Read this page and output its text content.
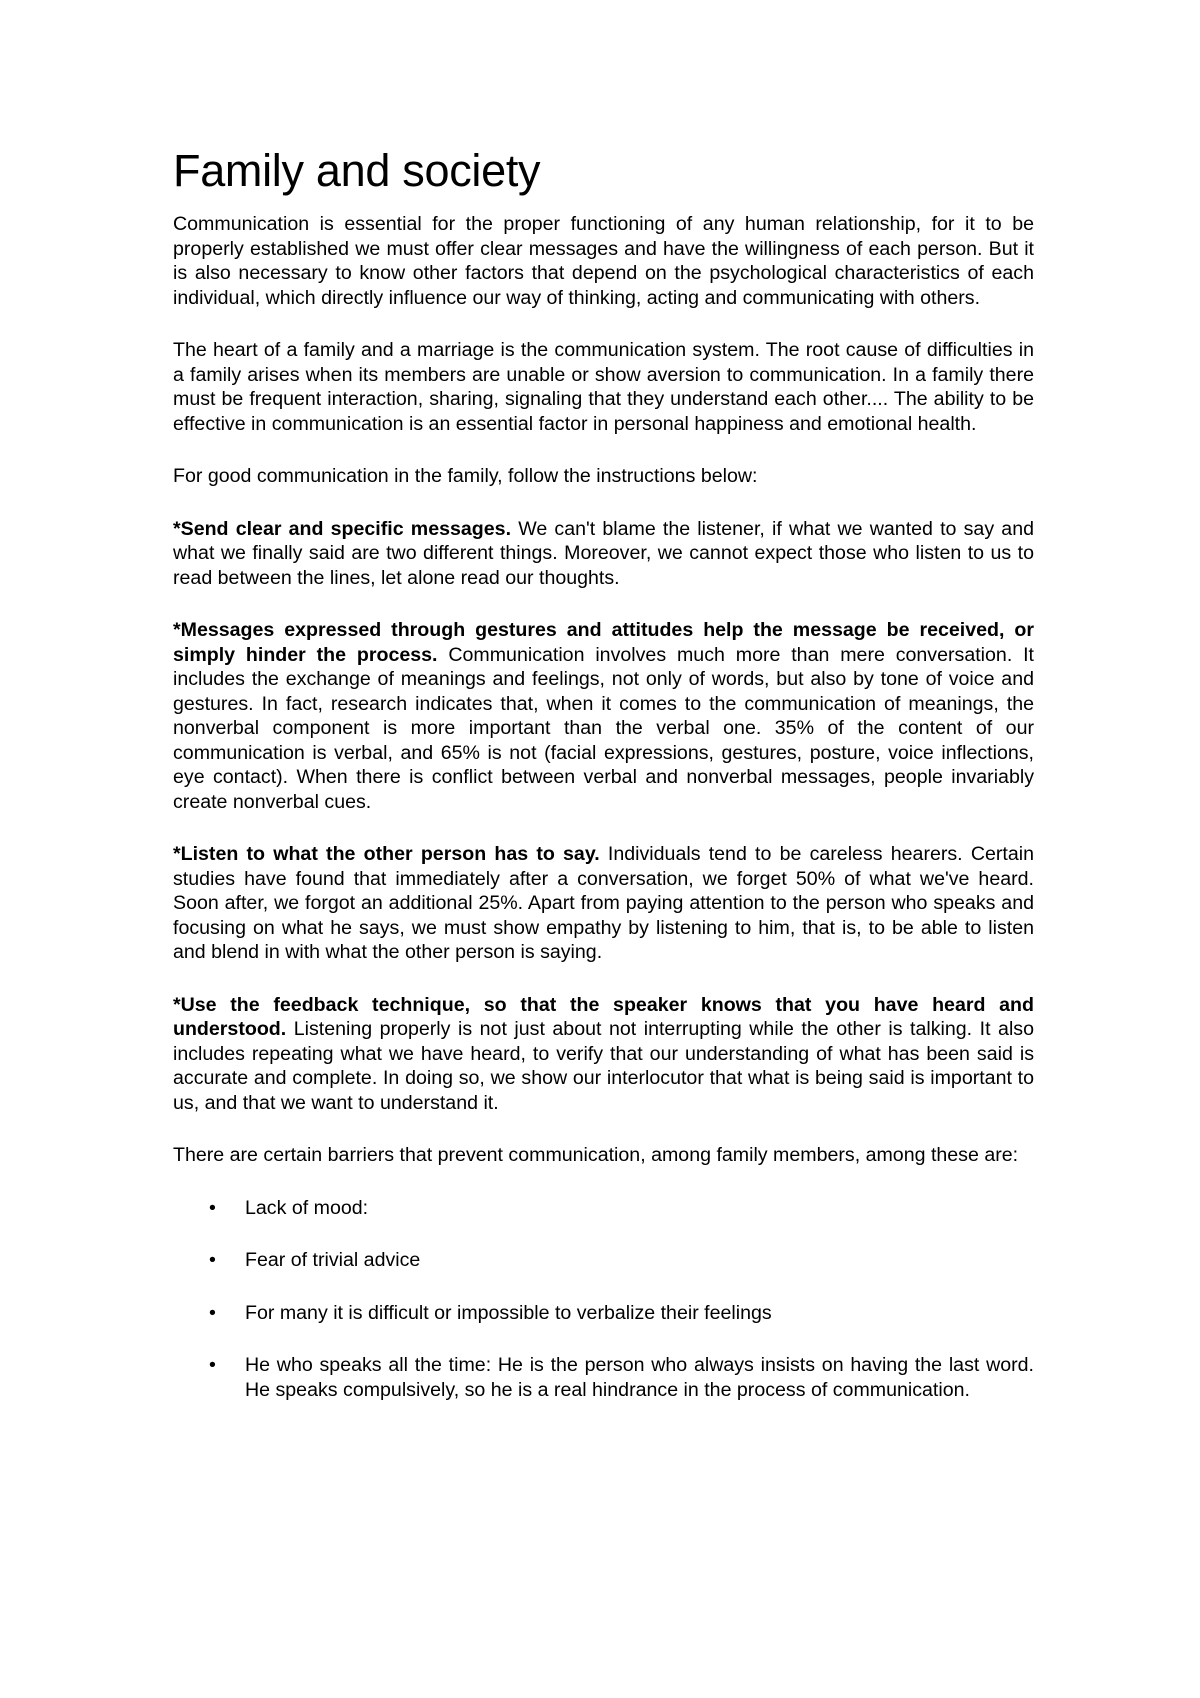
Family and society

Communication is essential for the proper functioning of any human relationship, for it to be properly established we must offer clear messages and have the willingness of each person. But it is also necessary to know other factors that depend on the psychological characteristics of each individual, which directly influence our way of thinking, acting and communicating with others.

The heart of a family and a marriage is the communication system. The root cause of difficulties in a family arises when its members are unable or show aversion to communication. In a family there must be frequent interaction, sharing, signaling that they understand each other.... The ability to be effective in communication is an essential factor in personal happiness and emotional health.

For good communication in the family, follow the instructions below:

*Send clear and specific messages. We can't blame the listener, if what we wanted to say and what we finally said are two different things. Moreover, we cannot expect those who listen to us to read between the lines, let alone read our thoughts.

*Messages expressed through gestures and attitudes help the message be received, or simply hinder the process. Communication involves much more than mere conversation. It includes the exchange of meanings and feelings, not only of words, but also by tone of voice and gestures. In fact, research indicates that, when it comes to the communication of meanings, the nonverbal component is more important than the verbal one. 35% of the content of our communication is verbal, and 65% is not (facial expressions, gestures, posture, voice inflections, eye contact). When there is conflict between verbal and nonverbal messages, people invariably create nonverbal cues.

*Listen to what the other person has to say. Individuals tend to be careless hearers. Certain studies have found that immediately after a conversation, we forget 50% of what we've heard. Soon after, we forgot an additional 25%. Apart from paying attention to the person who speaks and focusing on what he says, we must show empathy by listening to him, that is, to be able to listen and blend in with what the other person is saying.

*Use the feedback technique, so that the speaker knows that you have heard and understood. Listening properly is not just about not interrupting while the other is talking. It also includes repeating what we have heard, to verify that our understanding of what has been said is accurate and complete. In doing so, we show our interlocutor that what is being said is important to us, and that we want to understand it.

There are certain barriers that prevent communication, among family members, among these are:

• Lack of mood:
• Fear of trivial advice
• For many it is difficult or impossible to verbalize their feelings
• He who speaks all the time: He is the person who always insists on having the last word. He speaks compulsively, so he is a real hindrance in the process of communication.
